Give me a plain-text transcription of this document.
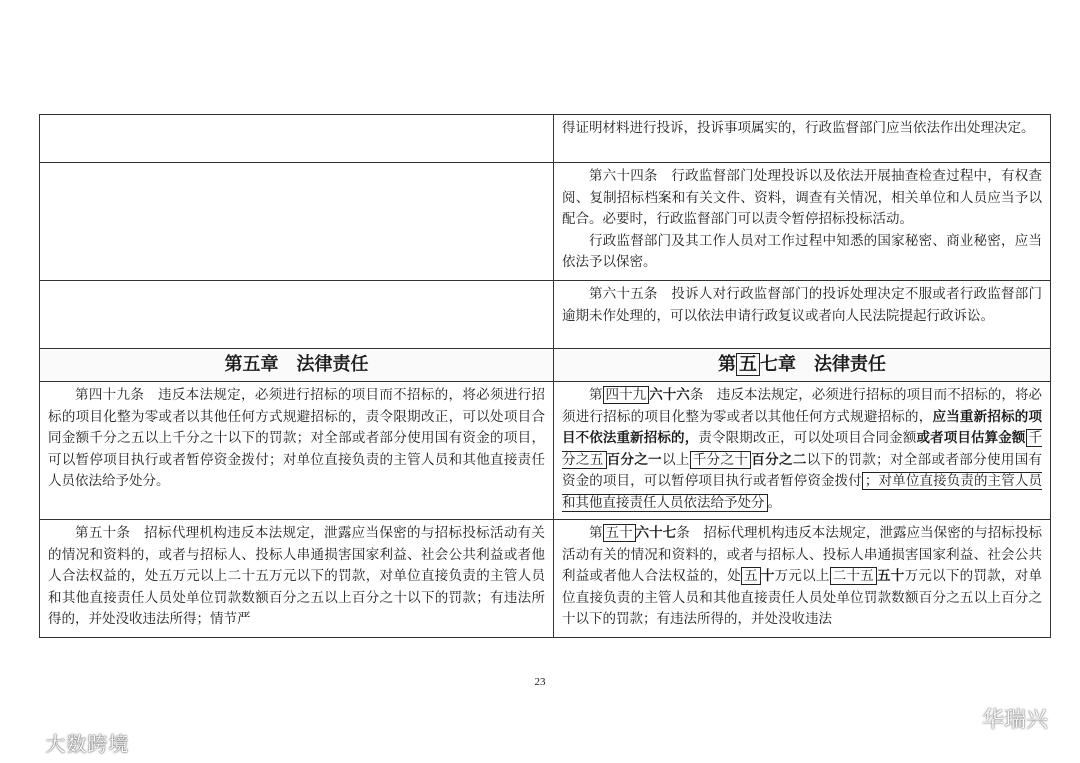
	得证明材料进行投诉，投诉事项属实的，行政监督部门应当依法作出处理决定。

	第六十四条　行政监督部门处理投诉以及依法开展抽查检查过程中，有权查阅、复制招标档案和有关文件、资料，调查有关情况，相关单位和人员应当予以配合。必要时，行政监督部门可以责令暂停招标投标活动。

行政监督部门及其工作人员对工作过程中知悉的国家秘密、商业秘密，应当依法予以保密。

	第六十五条　投诉人对行政监督部门的投诉处理决定不服或者行政监督部门逾期未作处理的，可以依法申请行政复议或者向人民法院提起行政诉讼。

第五章　法律责任	第 五 七章　法律责任

第四十九条　违反本法规定，必须进行招标的项目而不招标的，将必须进行招标的项目化整为零或者以其他任何方式规避招标的，责令限期改正，可以处项目合同金额千分之五以上千分之十以下的罚款；对全部或者部分使用国有资金的项目，可以暂停项目执行或者暂停资金拨付；对单位直接负责的主管人员和其他直接责任人员依法给予处分。	第 四十九 六十六条　违反本法规定，必须进行招标的项目而不招标的，将必须进行招标的项目化整为零或者以其他任何方式规避招标的，应当重新招标的项目不依法重新招标的，责令限期改正，可以处项目合同金额或者项目估算金额 千分之五 百分之一以上 千分之十 百分之二以下的罚款；对全部或者部分使用国有资金的项目，可以暂停项目执行或者暂停资金拨付 ；对单位直接负责的主管人员和其他直接责任人员依法给予处分 。

第五十条　招标代理机构违反本法规定，泄露应当保密的与招标投标活动有关的情况和资料的，或者与招标人、投标人串通损害国家利益、社会公共利益或者他人合法权益的，处五万元以上二十五万元以下的罚款，对单位直接负责的主管人员和其他直接责任人员处单位罚款数额百分之五以上百分之十以下的罚款；有违法所得的，并处没收违法所得；情节严	第 五十 六十七条　招标代理机构违反本法规定，泄露应当保密的与招标投标活动有关的情况和资料的，或者与招标人、投标人串通损害国家利益、社会公共利益或者他人合法权益的，处 五 十万元以上 二十五 五十万元以下的罚款，对单位直接负责的主管人员和其他直接责任人员处单位罚款数额百分之五以上百分之十以下的罚款；有违法所得的，并处没收违法

23
大数跨境
华瑞兴
